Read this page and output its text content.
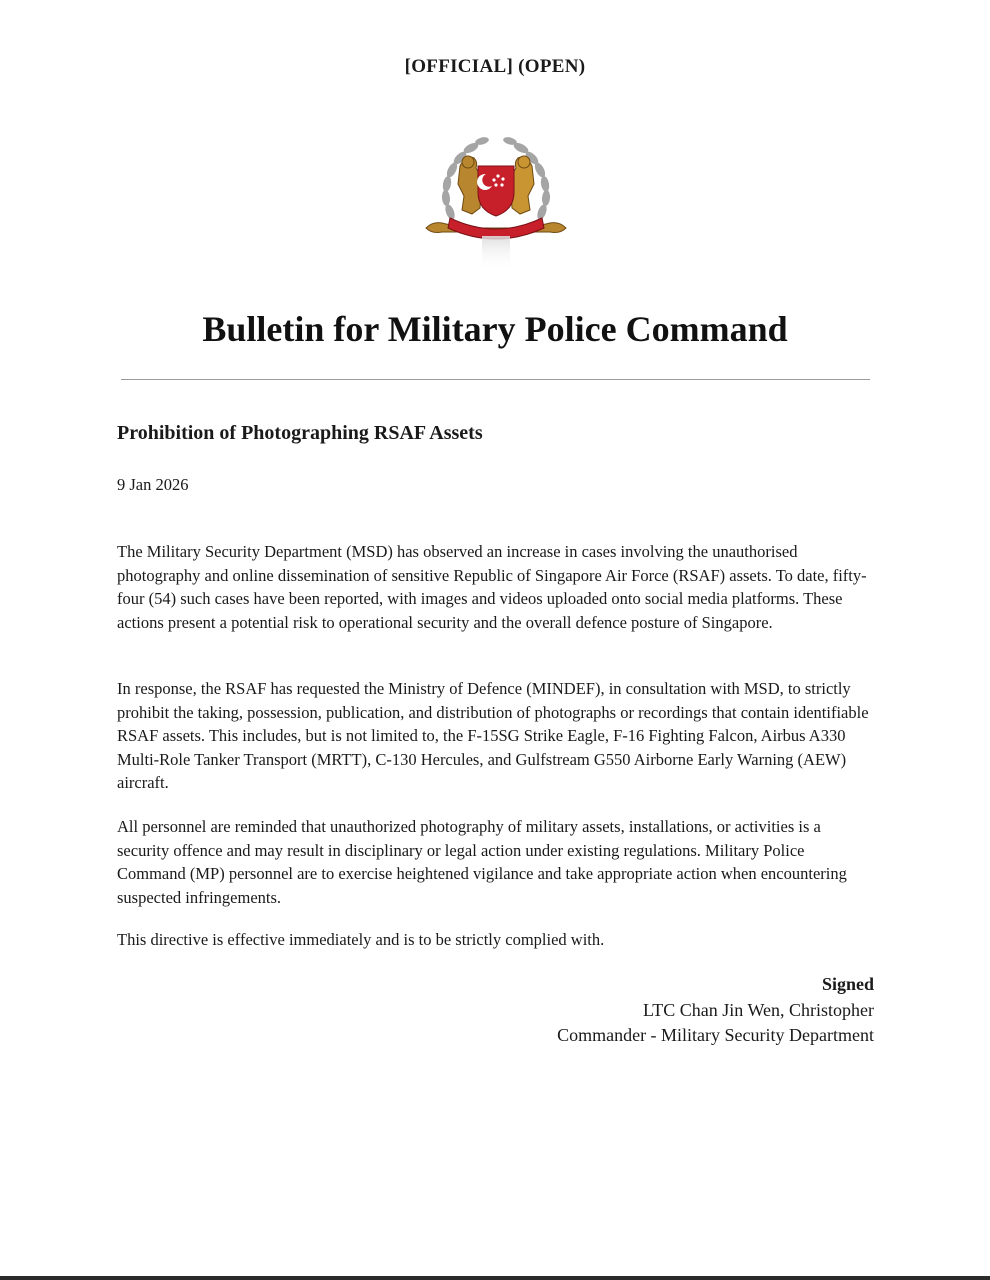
[OFFICIAL] (OPEN)
Bulletin for Military Police Command
Prohibition of Photographing RSAF Assets
9 Jan 2026

The Military Security Department (MSD) has observed an increase in cases involving the unauthorised photography and online dissemination of sensitive Republic of Singapore Air Force (RSAF) assets. To date, fifty-four (54) such cases have been reported, with images and videos uploaded onto social media platforms. These actions present a potential risk to operational security and the overall defence posture of Singapore.

In response, the RSAF has requested the Ministry of Defence (MINDEF), in consultation with MSD, to strictly prohibit the taking, possession, publication, and distribution of photographs or recordings that contain identifiable RSAF assets. This includes, but is not limited to, the F-15SG Strike Eagle, F-16 Fighting Falcon, Airbus A330 Multi-Role Tanker Transport (MRTT), C-130 Hercules, and Gulfstream G550 Airborne Early Warning (AEW) aircraft.

All personnel are reminded that unauthorized photography of military assets, installations, or activities is a security offence and may result in disciplinary or legal action under existing regulations. Military Police Command (MP) personnel are to exercise heightened vigilance and take appropriate action when encountering suspected infringements.

This directive is effective immediately and is to be strictly complied with.

Signed
LTC Chan Jin Wen, Christopher
Commander - Military Security Department
